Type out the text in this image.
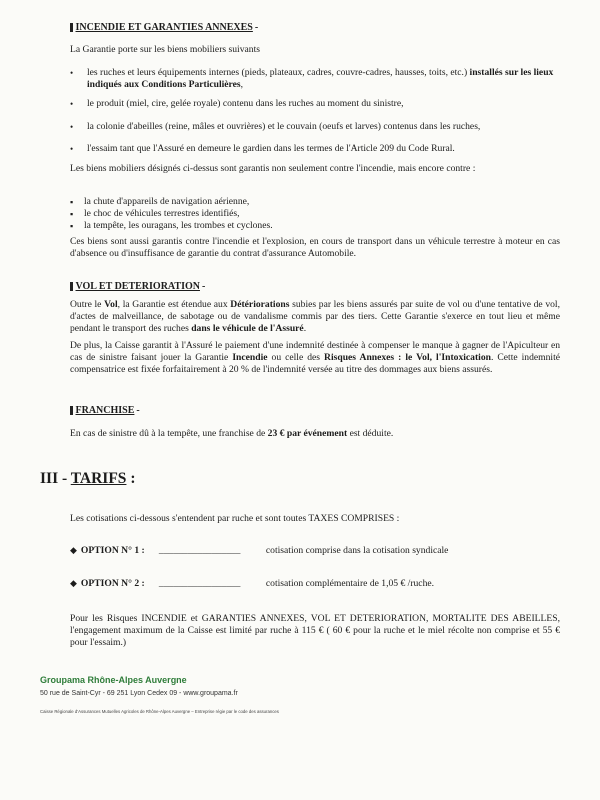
INCENDIE ET GARANTIES ANNEXES -
La Garantie porte sur les biens mobiliers suivants
•	les ruches et leurs équipements internes (pieds, plateaux, cadres, couvre-cadres, hausses, toits, etc.) installés sur les lieux indiqués aux Conditions Particulières,
•	le produit (miel, cire, gelée royale) contenu dans les ruches au moment du sinistre,
•	la colonie d'abeilles (reine, mâles et ouvrières) et le couvain (oeufs et larves) contenus dans les ruches,
•	l'essaim tant que l'Assuré en demeure le gardien dans les termes de l'Article 209 du Code Rural.
Les biens mobiliers désignés ci-dessus sont garantis non seulement contre l'incendie, mais encore contre :
▪	la chute d'appareils de navigation aérienne,
▪	le choc de véhicules terrestres identifiés,
▪	la tempête, les ouragans, les trombes et cyclones.
Ces biens sont aussi garantis contre l'incendie et l'explosion, en cours de transport dans un véhicule terrestre à moteur en cas d'absence ou d'insuffisance de garantie du contrat d'assurance Automobile.
VOL ET DETERIORATION -
Outre le Vol, la Garantie est étendue aux Détériorations subies par les biens assurés par suite de vol ou d'une tentative de vol, d'actes de malveillance, de sabotage ou de vandalisme commis par des tiers. Cette Garantie s'exerce en tout lieu et même pendant le transport des ruches dans le véhicule de l'Assuré.
De plus, la Caisse garantit à l'Assuré le paiement d'une indemnité destinée à compenser le manque à gagner de l'Apiculteur en cas de sinistre faisant jouer la Garantie Incendie ou celle des Risques Annexes : le Vol, l'Intoxication. Cette indemnité compensatrice est fixée forfaitairement à 20 % de l'indemnité versée au titre des dommages aux biens assurés.
FRANCHISE -
En cas de sinistre dû à la tempête, une franchise de 23 € par événement est déduite.
III - TARIFS :
Les cotisations ci-dessous s'entendent par ruche et sont toutes TAXES COMPRISES :
◆ OPTION N° 1 :	_________________	cotisation comprise dans la cotisation syndicale
◆ OPTION N° 2 :	_________________	cotisation complémentaire de 1,05 € /ruche.
Pour les Risques INCENDIE et GARANTIES ANNEXES, VOL ET DETERIORATION, MORTALITE DES ABEILLES, l'engagement maximum de la Caisse est limité par ruche à 115 € ( 60 € pour la ruche et le miel récolte non comprise et 55 € pour l'essaim.)
Groupama Rhône-Alpes Auvergne
50 rue de Saint-Cyr - 69 251 Lyon Cedex 09 - www.groupama.fr
Caisse Régionale d'Assurances Mutuelles Agricoles de Rhône-Alpes Auvergne – Entreprise régie par le code des assurances
